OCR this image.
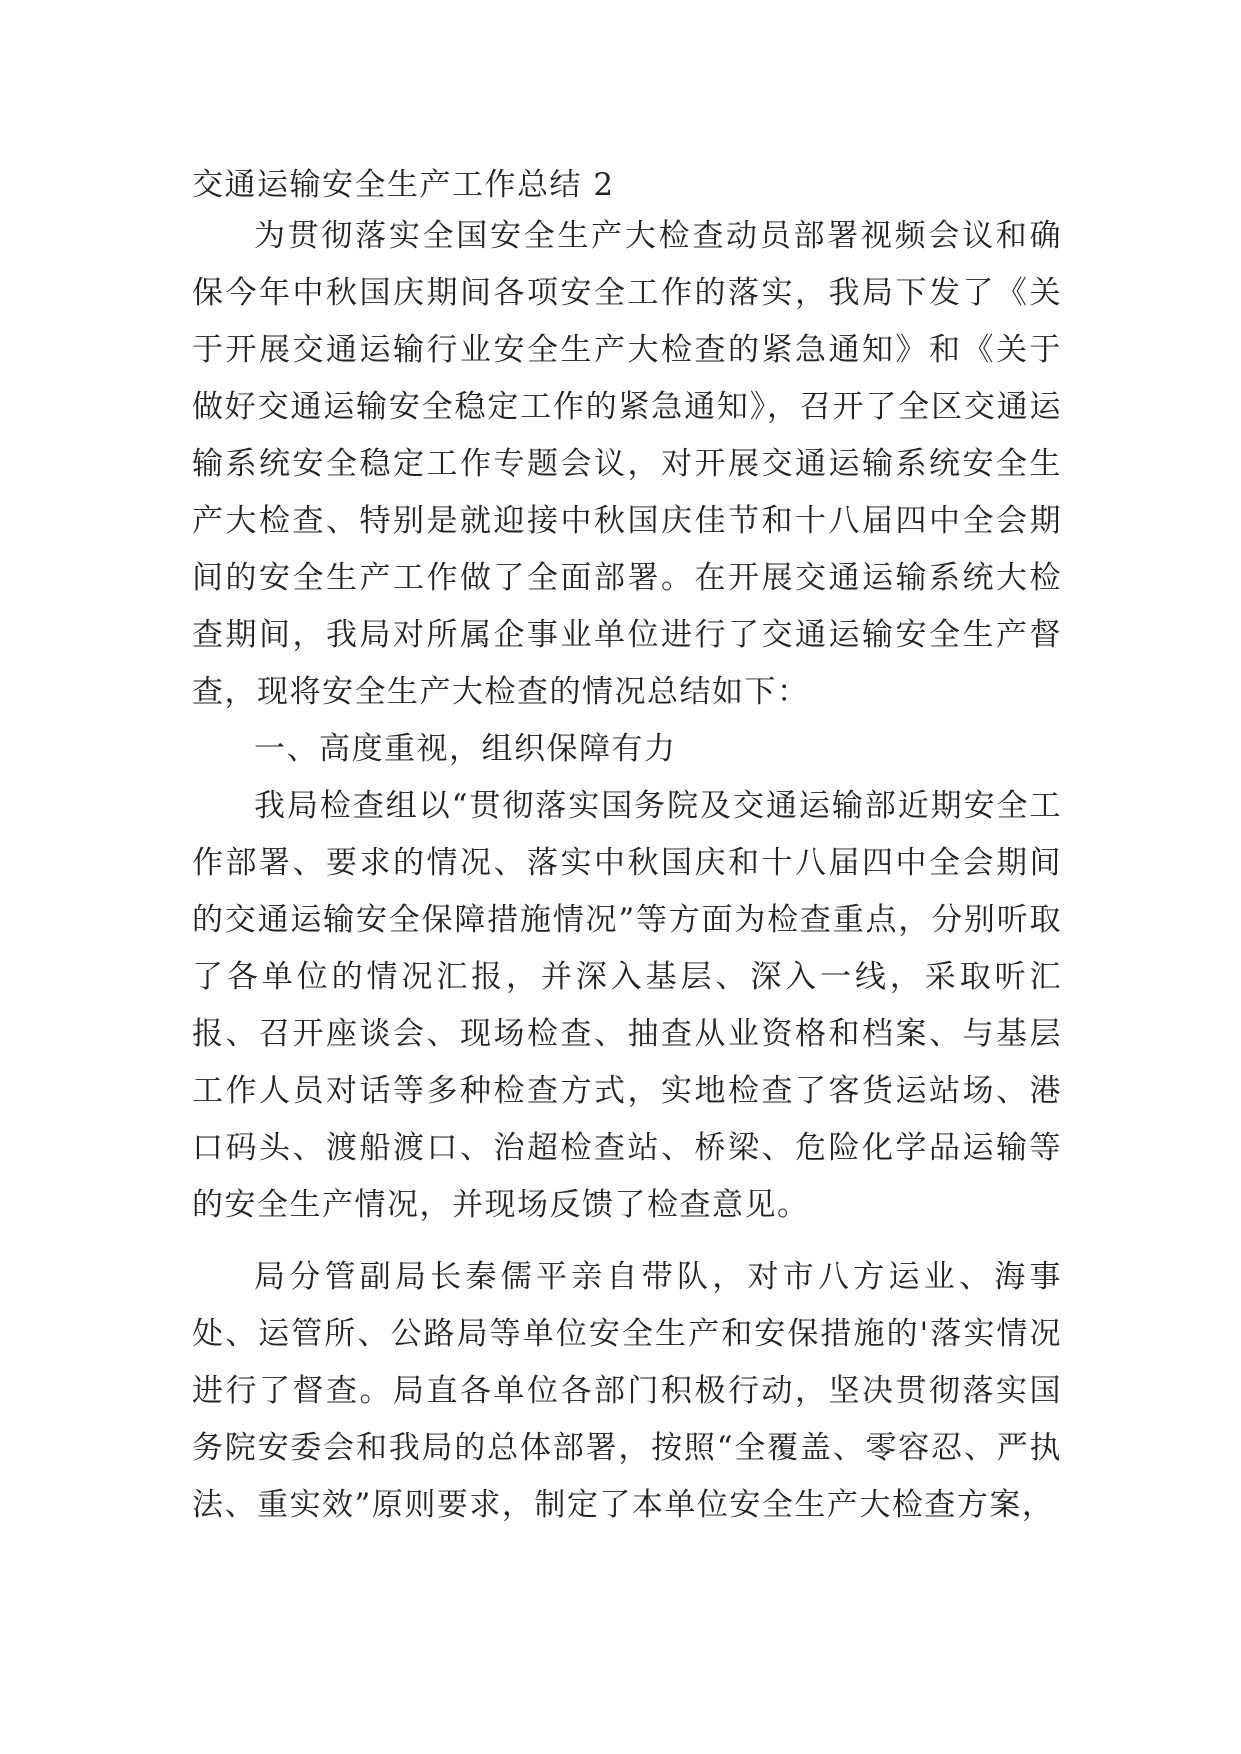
交通运输安全生产工作总结 2

为贯彻落实全国安全生产大检查动员部署视频会议和确保今年中秋国庆期间各项安全工作的落实，我局下发了《关于开展交通运输行业安全生产大检查的紧急通知》和《关于做好交通运输安全稳定工作的紧急通知》，召开了全区交通运输系统安全稳定工作专题会议，对开展交通运输系统安全生产大检查、特别是就迎接中秋国庆佳节和十八届四中全会期间的安全生产工作做了全面部署。在开展交通运输系统大检查期间，我局对所属企事业单位进行了交通运输安全生产督查，现将安全生产大检查的情况总结如下：

一、高度重视，组织保障有力

我局检查组以“贯彻落实国务院及交通运输部近期安全工作部署、要求的情况、落实中秋国庆和十八届四中全会期间的交通运输安全保障措施情况”等方面为检查重点，分别听取了各单位的情况汇报，并深入基层、深入一线，采取听汇报、召开座谈会、现场检查、抽查从业资格和档案、与基层工作人员对话等多种检查方式，实地检查了客货运站场、港口码头、渡船渡口、治超检查站、桥梁、危险化学品运输等的安全生产情况，并现场反馈了检查意见。

局分管副局长秦儒平亲自带队，对市八方运业、海事处、运管所、公路局等单位安全生产和安保措施的'落实情况进行了督查。局直各单位各部门积极行动，坚决贯彻落实国务院安委会和我局的总体部署，按照“全覆盖、零容忍、严执法、重实效”原则要求，制定了本单位安全生产大检查方案，
